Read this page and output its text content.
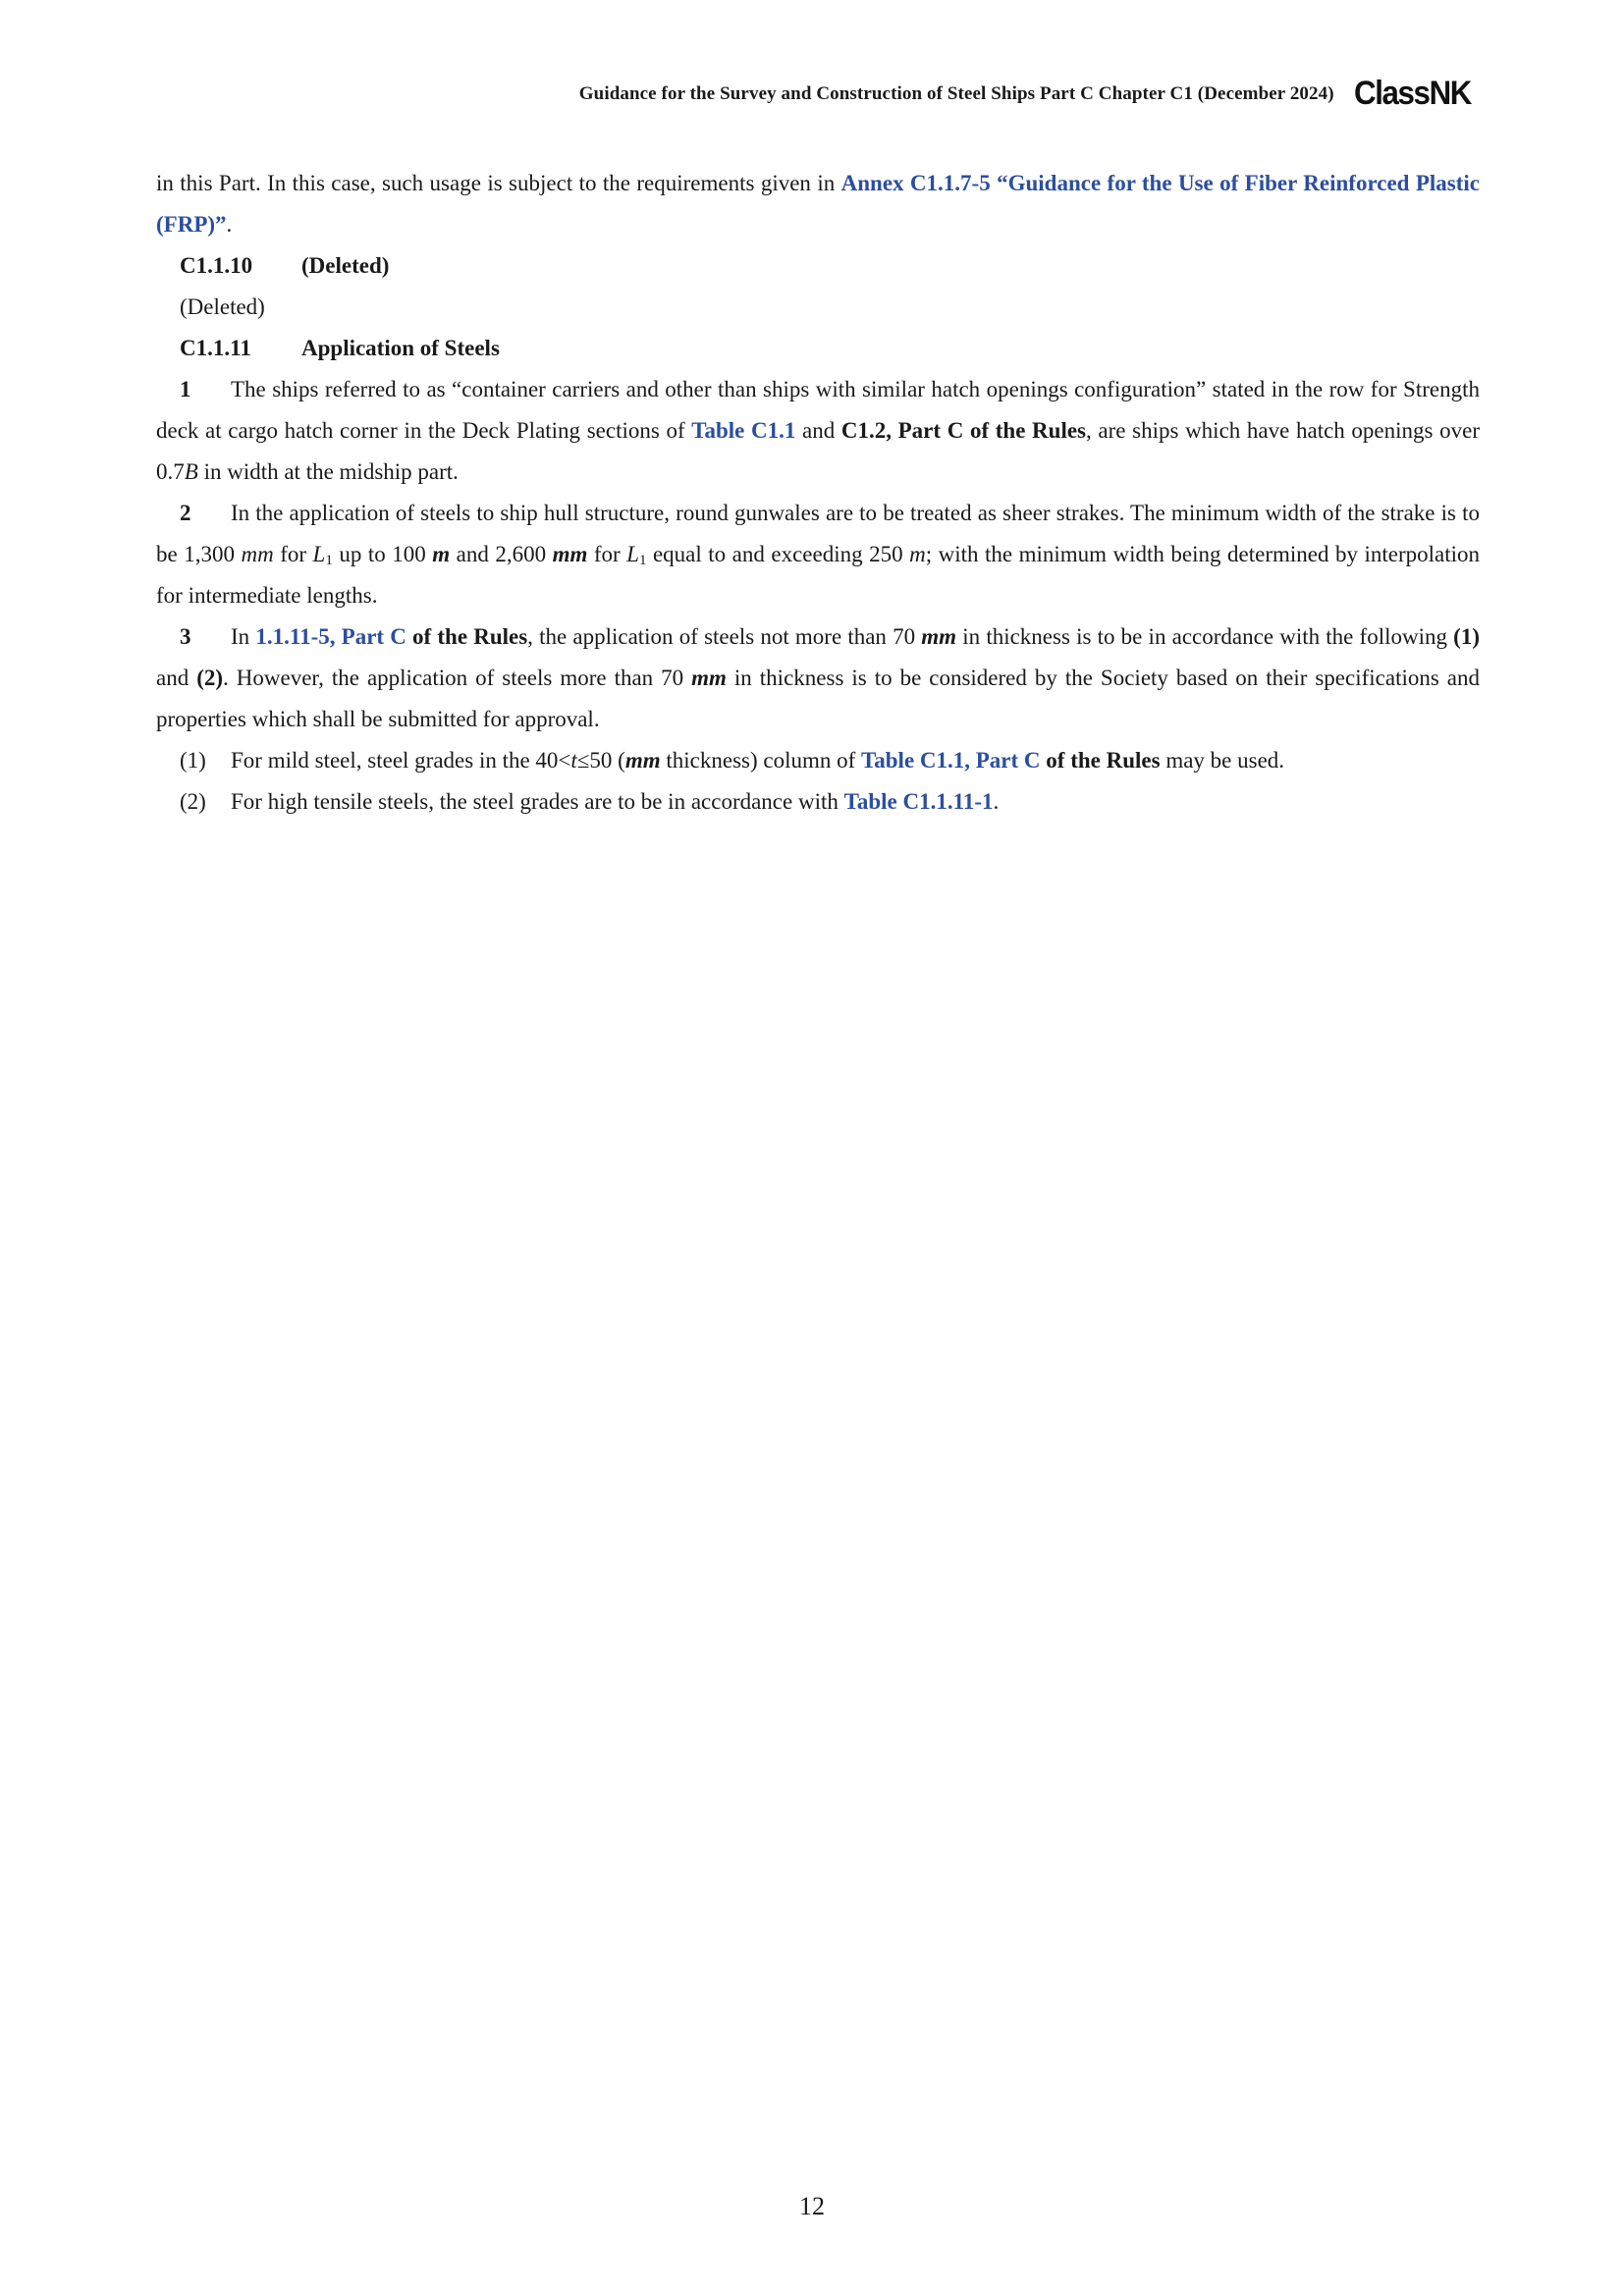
Guidance for the Survey and Construction of Steel Ships Part C Chapter C1 (December 2024) ClassNK

in this Part. In this case, such usage is subject to the requirements given in Annex C1.1.7-5 “Guidance for the Use of Fiber Reinforced Plastic (FRP)”.

C1.1.10 (Deleted)

(Deleted)

C1.1.11 Application of Steels

1 The ships referred to as “container carriers and other than ships with similar hatch openings configuration” stated in the row for Strength deck at cargo hatch corner in the Deck Plating sections of Table C1.1 and C1.2, Part C of the Rules, are ships which have hatch openings over 0.7B in width at the midship part.

2 In the application of steels to ship hull structure, round gunwales are to be treated as sheer strakes. The minimum width of the strake is to be 1,300 mm for $L_1$ up to 100 m and 2,600 mm for $L_1$ equal to and exceeding 250 m; with the minimum width being determined by interpolation for intermediate lengths.

3 In 1.1.11-5, Part C of the Rules, the application of steels not more than 70 mm in thickness is to be in accordance with the following (1) and (2). However, the application of steels more than 70 mm in thickness is to be considered by the Society based on their specifications and properties which shall be submitted for approval.

(1) For mild steel, steel grades in the 40<t≤50 (mm thickness) column of Table C1.1, Part C of the Rules may be used.

(2) For high tensile steels, the steel grades are to be in accordance with Table C1.1.11-1.

12
